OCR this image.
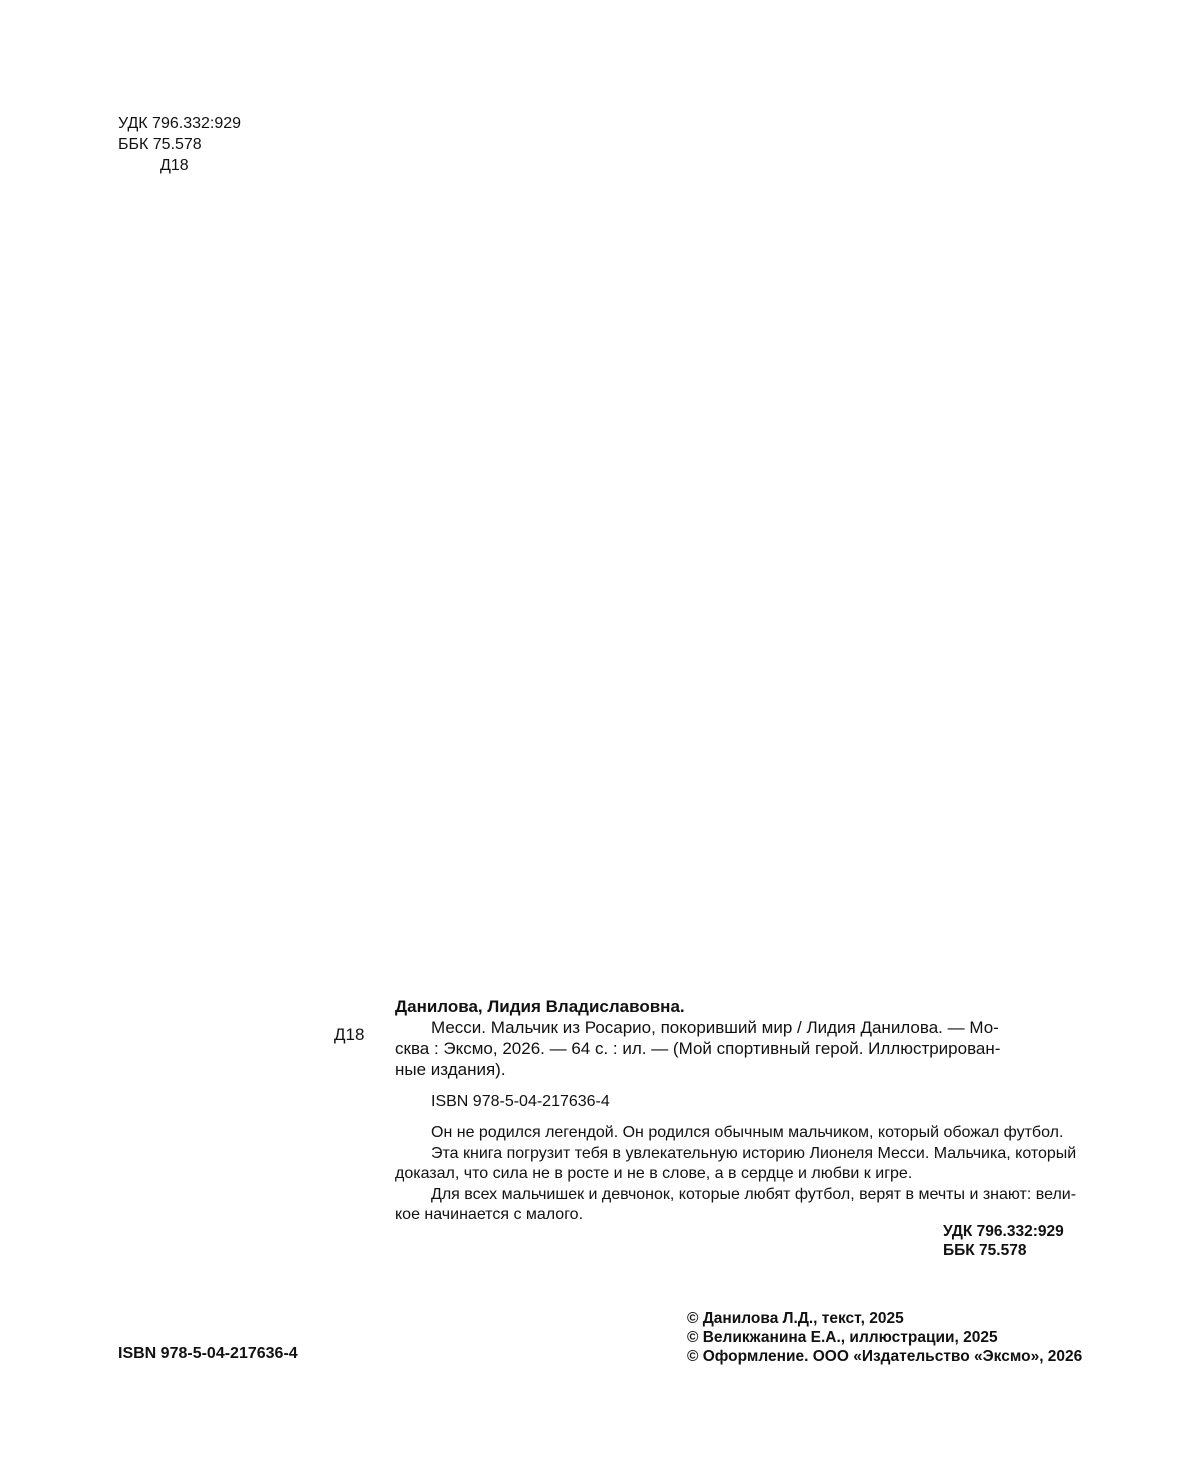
УДК 796.332:929
ББК 75.578
Д18
Д18
Данилова, Лидия Владиславовна.
Месси. Мальчик из Росарио, покоривший мир / Лидия Данилова. — Мо-
сква : Эксмо, 2026. — 64 с. : ил. — (Мой спортивный герой. Иллюстрирован-
ные издания).
ISBN 978-5-04-217636-4
Он не родился легендой. Он родился обычным мальчиком, который обожал футбол.
Эта книга погрузит тебя в увлекательную историю Лионеля Месси. Мальчика, который
доказал, что сила не в росте и не в слове, а в сердце и любви к игре.
Для всех мальчишек и девчонок, которые любят футбол, верят в мечты и знают: вели-
кое начинается с малого.
УДК 796.332:929
ББК 75.578
© Данилова Л.Д., текст, 2025
© Великжанина Е.А., иллюстрации, 2025
© Оформление. ООО «Издательство «Эксмо», 2026
ISBN 978-5-04-217636-4
